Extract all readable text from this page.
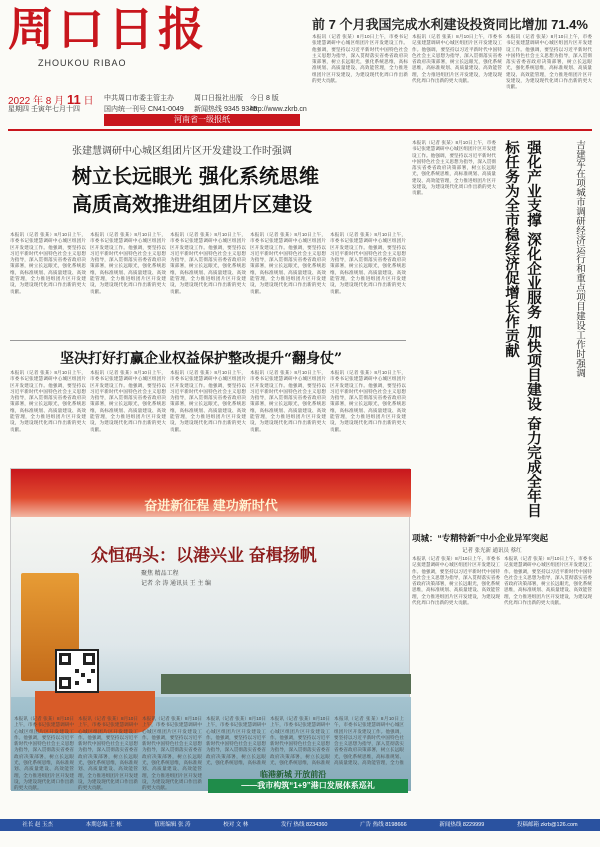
周口日报
ZHOUKOU RIBAO
2022 年 8 月 11 日
星期四 壬寅年七月十四
中共周口市委主管主办
国内统一刊号 CN41-0049
周口日报社出版
新闻热线 9345 9345
今日 8 版
http://www.zkrb.cn
河南省一级报纸
前 7 个月我国完成水利建设投资同比增加 71.4%
本报讯（记者 张某）8月10日上午，市委书记张建慧调研中心城区组团片区开发建设工作。他强调，要坚持以习近平新时代中国特色社会主义思想为指导，深入贯彻落实省委省政府决策部署，树立长远眼光，强化系统思维，高标准规划、高质量建设、高效能管理，全力推进组团片区开发建设，为建设现代化周口作出新的更大贡献。
本报讯（记者 张某）8月10日上午，市委书记张建慧调研中心城区组团片区开发建设工作。他强调，要坚持以习近平新时代中国特色社会主义思想为指导，深入贯彻落实省委省政府决策部署，树立长远眼光，强化系统思维，高标准规划、高质量建设、高效能管理，全力推进组团片区开发建设，为建设现代化周口作出新的更大贡献。
本报讯（记者 张某）8月10日上午，市委书记张建慧调研中心城区组团片区开发建设工作。他强调，要坚持以习近平新时代中国特色社会主义思想为指导，深入贯彻落实省委省政府决策部署，树立长远眼光，强化系统思维，高标准规划、高质量建设、高效能管理，全力推进组团片区开发建设，为建设现代化周口作出新的更大贡献。
张建慧调研中心城区组团片区开发建设工作时强调
树立长远眼光 强化系统思维
高质高效推进组团片区建设
本报讯（记者 张某）8月10日上午，市委书记张建慧调研中心城区组团片区开发建设工作。他强调，要坚持以习近平新时代中国特色社会主义思想为指导，深入贯彻落实省委省政府决策部署，树立长远眼光，强化系统思维，高标准规划、高质量建设、高效能管理，全力推进组团片区开发建设，为建设现代化周口作出新的更大贡献。
本报讯（记者 张某）8月10日上午，市委书记张建慧调研中心城区组团片区开发建设工作。他强调，要坚持以习近平新时代中国特色社会主义思想为指导，深入贯彻落实省委省政府决策部署，树立长远眼光，强化系统思维，高标准规划、高质量建设、高效能管理，全力推进组团片区开发建设，为建设现代化周口作出新的更大贡献。
本报讯（记者 张某）8月10日上午，市委书记张建慧调研中心城区组团片区开发建设工作。他强调，要坚持以习近平新时代中国特色社会主义思想为指导，深入贯彻落实省委省政府决策部署，树立长远眼光，强化系统思维，高标准规划、高质量建设、高效能管理，全力推进组团片区开发建设，为建设现代化周口作出新的更大贡献。
本报讯（记者 张某）8月10日上午，市委书记张建慧调研中心城区组团片区开发建设工作。他强调，要坚持以习近平新时代中国特色社会主义思想为指导，深入贯彻落实省委省政府决策部署，树立长远眼光，强化系统思维，高标准规划、高质量建设、高效能管理，全力推进组团片区开发建设，为建设现代化周口作出新的更大贡献。
本报讯（记者 张某）8月10日上午，市委书记张建慧调研中心城区组团片区开发建设工作。他强调，要坚持以习近平新时代中国特色社会主义思想为指导，深入贯彻落实省委省政府决策部署，树立长远眼光，强化系统思维，高标准规划、高质量建设、高效能管理，全力推进组团片区开发建设，为建设现代化周口作出新的更大贡献。
坚决打好打赢企业权益保护整改提升“翻身仗”
本报讯（记者 张某）8月10日上午，市委书记张建慧调研中心城区组团片区开发建设工作。他强调，要坚持以习近平新时代中国特色社会主义思想为指导，深入贯彻落实省委省政府决策部署，树立长远眼光，强化系统思维，高标准规划、高质量建设、高效能管理，全力推进组团片区开发建设，为建设现代化周口作出新的更大贡献。
本报讯（记者 张某）8月10日上午，市委书记张建慧调研中心城区组团片区开发建设工作。他强调，要坚持以习近平新时代中国特色社会主义思想为指导，深入贯彻落实省委省政府决策部署，树立长远眼光，强化系统思维，高标准规划、高质量建设、高效能管理，全力推进组团片区开发建设，为建设现代化周口作出新的更大贡献。
本报讯（记者 张某）8月10日上午，市委书记张建慧调研中心城区组团片区开发建设工作。他强调，要坚持以习近平新时代中国特色社会主义思想为指导，深入贯彻落实省委省政府决策部署，树立长远眼光，强化系统思维，高标准规划、高质量建设、高效能管理，全力推进组团片区开发建设，为建设现代化周口作出新的更大贡献。
本报讯（记者 张某）8月10日上午，市委书记张建慧调研中心城区组团片区开发建设工作。他强调，要坚持以习近平新时代中国特色社会主义思想为指导，深入贯彻落实省委省政府决策部署，树立长远眼光，强化系统思维，高标准规划、高质量建设、高效能管理，全力推进组团片区开发建设，为建设现代化周口作出新的更大贡献。
本报讯（记者 张某）8月10日上午，市委书记张建慧调研中心城区组团片区开发建设工作。他强调，要坚持以习近平新时代中国特色社会主义思想为指导，深入贯彻落实省委省政府决策部署，树立长远眼光，强化系统思维，高标准规划、高质量建设、高效能管理，全力推进组团片区开发建设，为建设现代化周口作出新的更大贡献。	强化产业支撑 深化企业服务 加快项目建设 奋力完成全年目标任务为全市稳经济促增长作贡献	吉建军在项城市调研经济运行和重点项目建设工作时强调
本报讯（记者 张某）8月10日上午，市委书记张建慧调研中心城区组团片区开发建设工作。他强调，要坚持以习近平新时代中国特色社会主义思想为指导，深入贯彻落实省委省政府决策部署，树立长远眼光，强化系统思维，高标准规划、高质量建设、高效能管理，全力推进组团片区开发建设，为建设现代化周口作出新的更大贡献。
奋进新征程 建功新时代
众恒码头：以港兴业 奋楫扬帆
聚焦 精品工程
记者 余 涛 通讯员 王 主 编
本报讯（记者 张某）8月10日上午，市委书记张建慧调研中心城区组团片区开发建设工作。他强调，要坚持以习近平新时代中国特色社会主义思想为指导，深入贯彻落实省委省政府决策部署，树立长远眼光，强化系统思维，高标准规划、高质量建设、高效能管理，全力推进组团片区开发建设，为建设现代化周口作出新的更大贡献。
本报讯（记者 张某）8月10日上午，市委书记张建慧调研中心城区组团片区开发建设工作。他强调，要坚持以习近平新时代中国特色社会主义思想为指导，深入贯彻落实省委省政府决策部署，树立长远眼光，强化系统思维，高标准规划、高质量建设、高效能管理，全力推进组团片区开发建设，为建设现代化周口作出新的更大贡献。
本报讯（记者 张某）8月10日上午，市委书记张建慧调研中心城区组团片区开发建设工作。他强调，要坚持以习近平新时代中国特色社会主义思想为指导，深入贯彻落实省委省政府决策部署，树立长远眼光，强化系统思维，高标准规划、高质量建设、高效能管理，全力推进组团片区开发建设，为建设现代化周口作出新的更大贡献。
本报讯（记者 张某）8月10日上午，市委书记张建慧调研中心城区组团片区开发建设工作。他强调，要坚持以习近平新时代中国特色社会主义思想为指导，深入贯彻落实省委省政府决策部署，树立长远眼光，强化系统思维，高标准规
本报讯（记者 张某）8月10日上午，市委书记张建慧调研中心城区组团片区开发建设工作。他强调，要坚持以习近平新时代中国特色社会主义思想为指导，深入贯彻落实省委省政府决策部署，树立长远眼光，强化系统思维，高标准规
本报讯（记者 张某）8月10日上午，市委书记张建慧调研中心城区组团片区开发建设工作。他强调，要坚持以习近平新时代中国特色社会主义思想为指导，深入贯彻落实省委省政府决策部署，树立长远眼光，强化系统思维，高标准规划、高质量建设、高效能管理，全力推
临港新城 开放前沿
——我市构筑“1+9”港口发展体系巡礼
项城：“专精特新”中小企业异军突起
记者 张光新 通讯员 蔡红
本报讯（记者 张某）8月10日上午，市委书记张建慧调研中心城区组团片区开发建设工作。他强调，要坚持以习近平新时代中国特色社会主义思想为指导，深入贯彻落实省委省政府决策部署，树立长远眼光，强化系统思维，高标准规划、高质量建设、高效能管理，全力推进组团片区开发建设，为建设现代化周口作出新的更大贡献。
本报讯（记者 张某）8月10日上午，市委书记张建慧调研中心城区组团片区开发建设工作。他强调，要坚持以习近平新时代中国特色社会主义思想为指导，深入贯彻落实省委省政府决策部署，树立长远眼光，强化系统思维，高标准规划、高质量建设、高效能管理，全力推进组团片区开发建设，为建设现代化周口作出新的更大贡献。
社长 赵 玉杰	本期总编 王 栋	值班编辑 张 涛	校对 文 林	发行 热线 8234360	广告 热线 8198666	新闻热线 8229999	投稿邮箱 zkrb@126.com
